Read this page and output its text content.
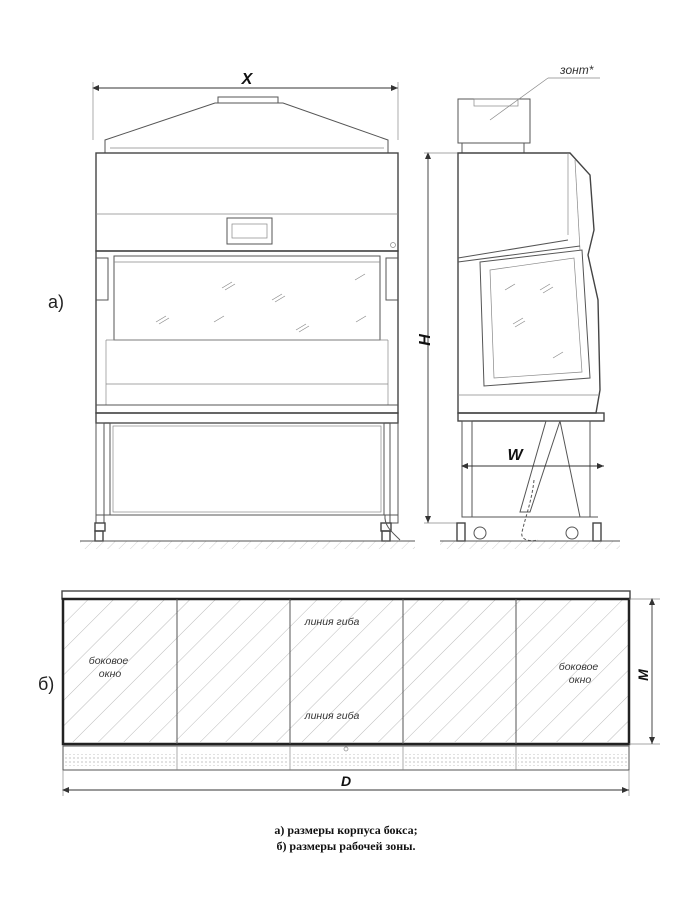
X
а)
H
зонт*
W
линия гиба
линия гиба
боковое окно
боковое окно	M
D
б)
а) размеры корпуса бокса;
б) размеры рабочей зоны.
